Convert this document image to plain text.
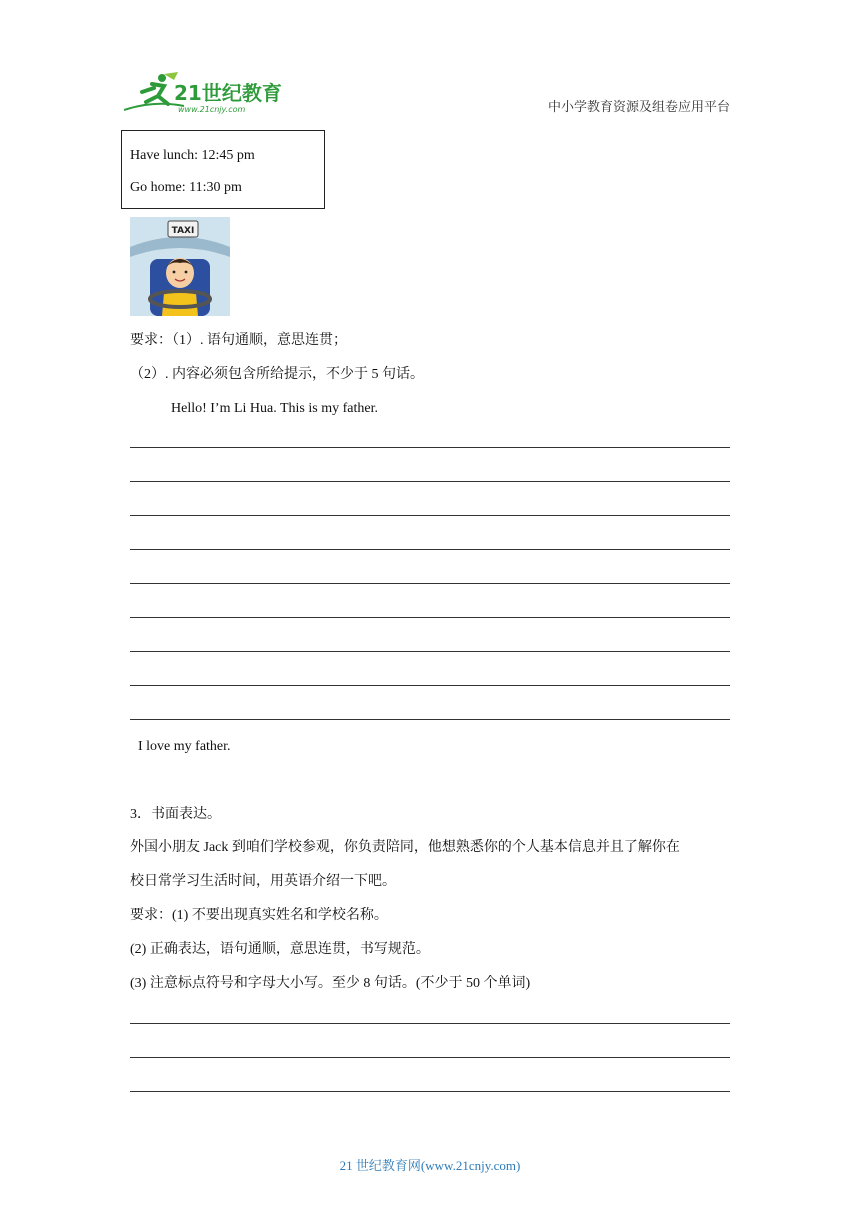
21世纪教育
www.21cnjy.com	中小学教育资源及组卷应用平台
Have lunch: 12:45 pm
Go home: 11:30 pm
TAXI
要求：（1）. 语句通顺，意思连贯；
（2）. 内容必须包含所给提示，不少于 5 句话。
Hello! I’m Li Hua. This is my father.
I love my father.
3．书面表达。
外国小朋友 Jack 到咱们学校参观，你负责陪同，他想熟悉你的个人基本信息并且了解你在
校日常学习生活时间，用英语介绍一下吧。
要求：(1) 不要出现真实姓名和学校名称。
(2) 正确表达，语句通顺，意思连贯，书写规范。
(3) 注意标点符号和字母大小写。至少 8 句话。(不少于 50 个单词)
21 世纪教育网(www.21cnjy.com)
